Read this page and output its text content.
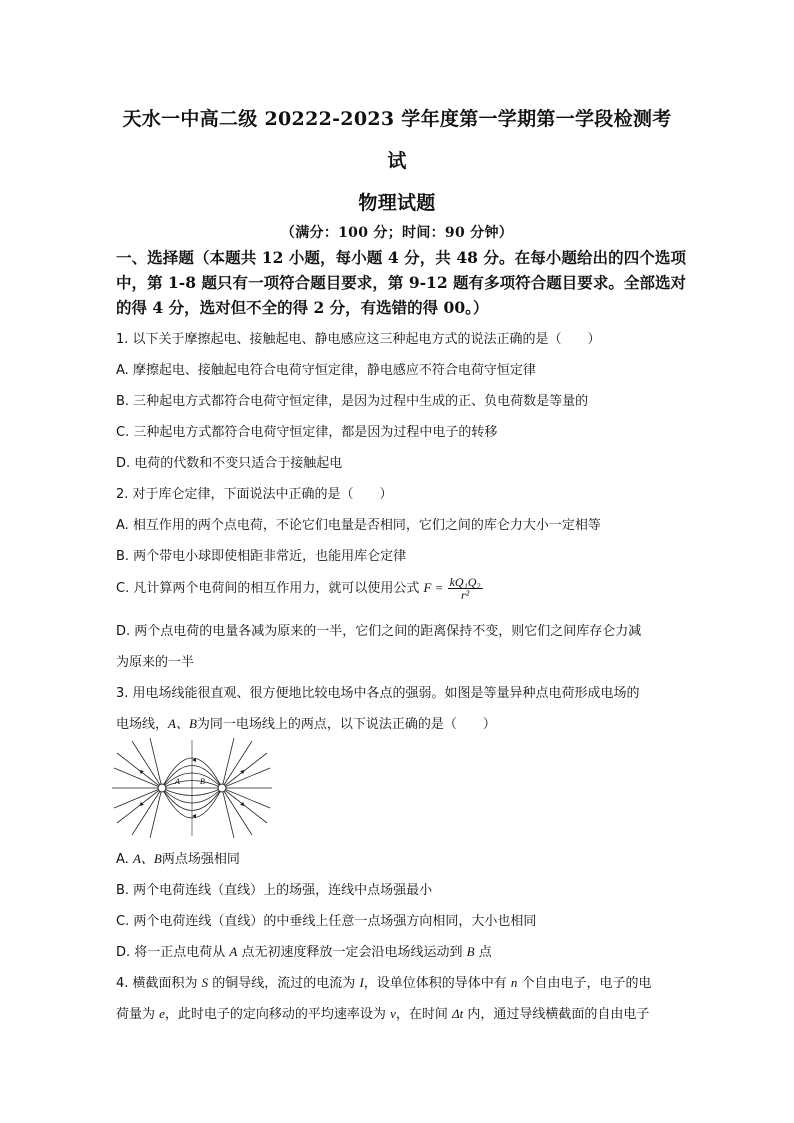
天水一中高二级 20222-2023 学年度第一学期第一学段检测考
试
物理试题
（满分：100 分；时间：90 分钟）
一、选择题（本题共 12 小题，每小题 4 分，共 48 分。在每小题给出的四个选项中，第 1-8 题只有一项符合题目要求，第 9-12 题有多项符合题目要求。全部选对的得 4 分，选对但不全的得 2 分，有选错的得 00。）
1. 以下关于摩擦起电、接触起电、静电感应这三种起电方式的说法正确的是（　　）
A. 摩擦起电、接触起电符合电荷守恒定律，静电感应不符合电荷守恒定律
B. 三种起电方式都符合电荷守恒定律，是因为过程中生成的正、负电荷数是等量的
C. 三种起电方式都符合电荷守恒定律，都是因为过程中电子的转移
D. 电荷的代数和不变只适合于接触起电
2. 对于库仑定律，下面说法中正确的是（　　）
A. 相互作用的两个点电荷，不论它们电量是否相同，它们之间的库仑力大小一定相等
B. 两个带电小球即使相距非常近，也能用库仑定律
C. 凡计算两个电荷间的相互作用力，就可以使用公式 $F = \frac{\text{kQ₁Q₂}}{\text{r²}}$
D. 两个点电荷的电量各减为原来的一半，它们之间的距离保持不变，则它们之间库存仑力减
为原来的一半
3. 用电场线能很直观、很方便地比较电场中各点的强弱。如图是等量异种点电荷形成电场的
电场线，A、B为同一电场线上的两点，以下说法正确的是（　　）
A	B
A. A、B两点场强相同
B. 两个电荷连线（直线）上的场强，连线中点场强最小
C. 两个电荷连线（直线）的中垂线上任意一点场强方向相同，大小也相同
D. 将一正点电荷从 A 点无初速度释放一定会沿电场线运动到 B 点
4. 横截面积为 S 的铜导线，流过的电流为 I，设单位体积的导体中有 n 个自由电子，电子的电
荷量为 e，此时电子的定向移动的平均速率设为 v，在时间 Δt 内，通过导线横截面的自由电子
